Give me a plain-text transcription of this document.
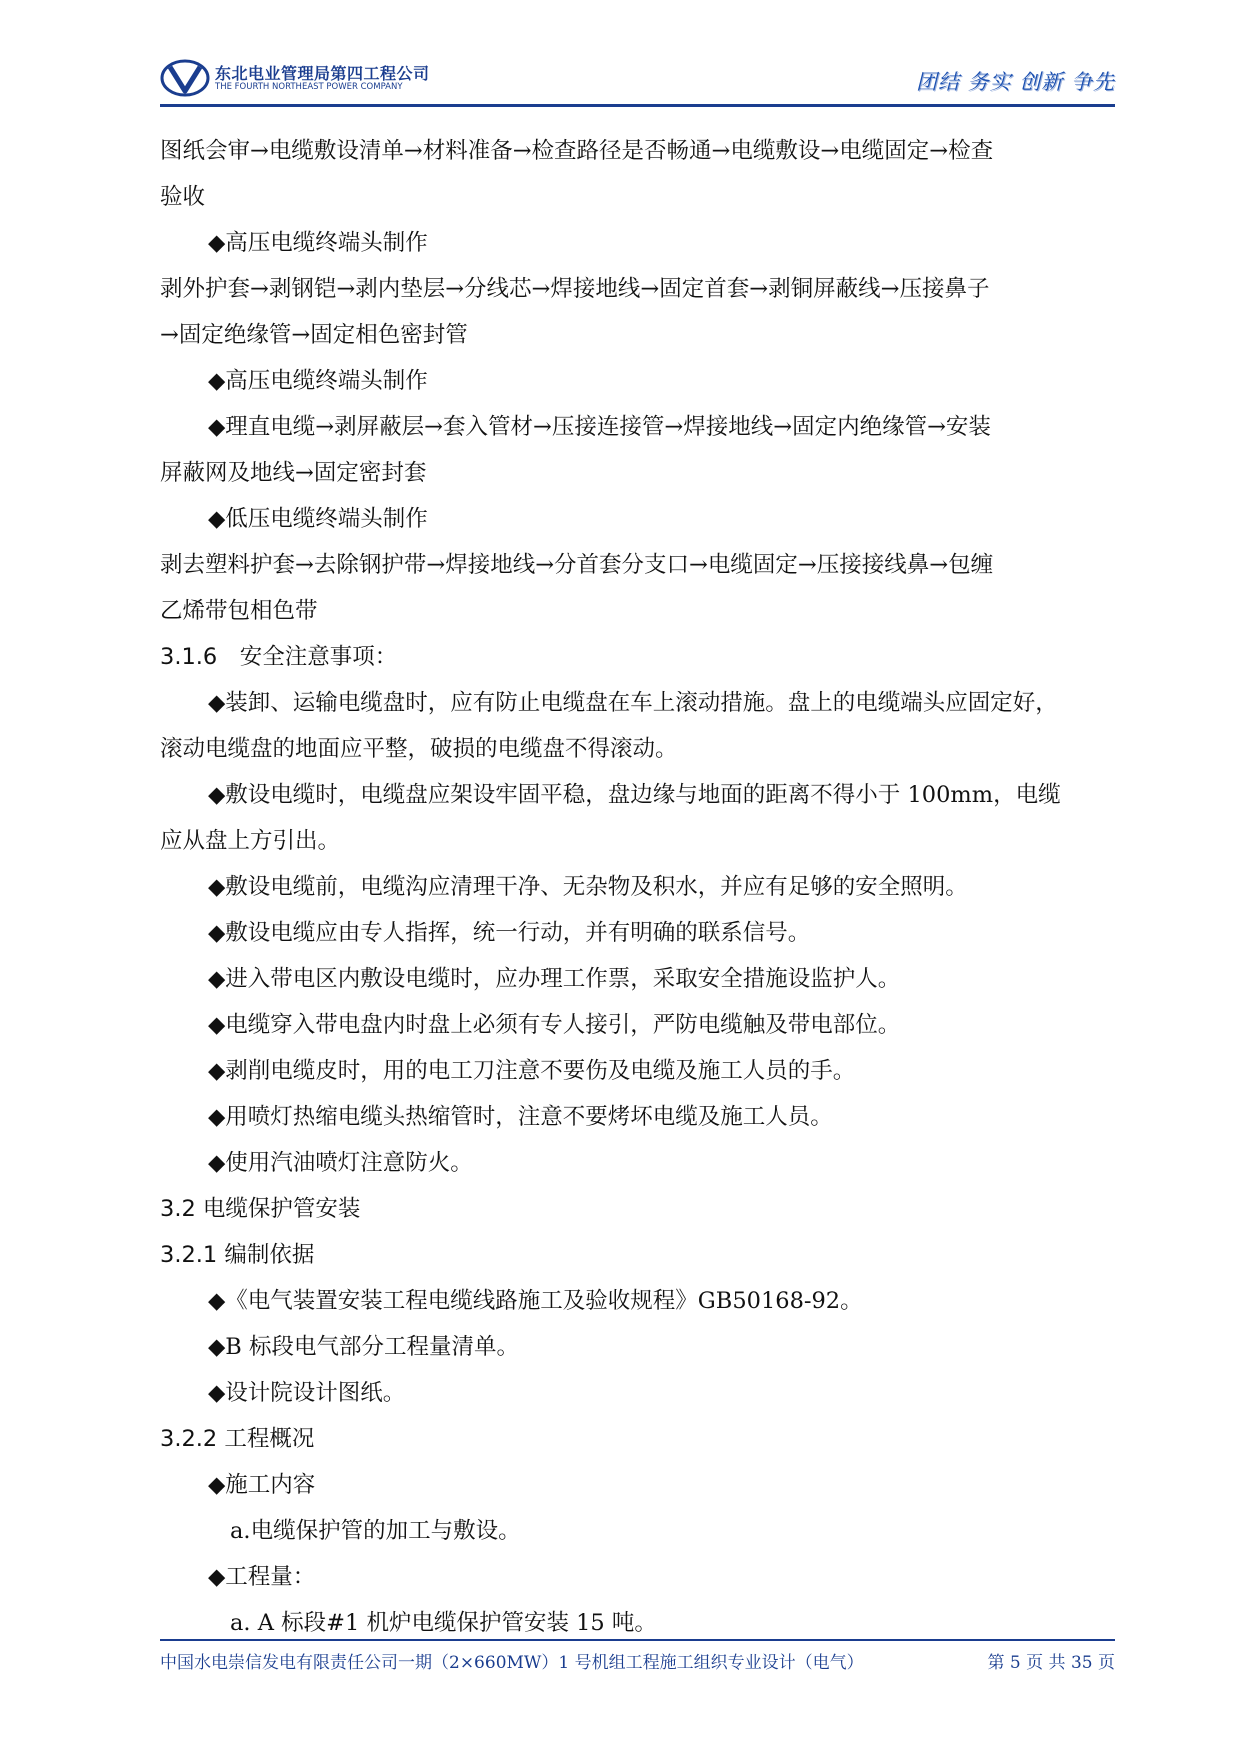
东北电业管理局第四工程公司
THE FOURTH NORTHEAST POWER COMPANY	团结 务实 创新 争先

图纸会审→电缆敷设清单→材料准备→检查路径是否畅通→电缆敷设→电缆固定→检查

验收

◆高压电缆终端头制作

剥外护套→剥钢铠→剥内垫层→分线芯→焊接地线→固定首套→剥铜屏蔽线→压接鼻子

→固定绝缘管→固定相色密封管

◆高压电缆终端头制作

◆理直电缆→剥屏蔽层→套入管材→压接连接管→焊接地线→固定内绝缘管→安装

屏蔽网及地线→固定密封套

◆低压电缆终端头制作

剥去塑料护套→去除钢护带→焊接地线→分首套分支口→电缆固定→压接接线鼻→包缠

乙烯带包相色带

3.1.6　安全注意事项：

◆装卸、运输电缆盘时，应有防止电缆盘在车上滚动措施。盘上的电缆端头应固定好，

滚动电缆盘的地面应平整，破损的电缆盘不得滚动。

◆敷设电缆时，电缆盘应架设牢固平稳，盘边缘与地面的距离不得小于 100mm，电缆

应从盘上方引出。

◆敷设电缆前，电缆沟应清理干净、无杂物及积水，并应有足够的安全照明。

◆敷设电缆应由专人指挥，统一行动，并有明确的联系信号。

◆进入带电区内敷设电缆时，应办理工作票，采取安全措施设监护人。

◆电缆穿入带电盘内时盘上必须有专人接引，严防电缆触及带电部位。

◆剥削电缆皮时，用的电工刀注意不要伤及电缆及施工人员的手。

◆用喷灯热缩电缆头热缩管时，注意不要烤坏电缆及施工人员。

◆使用汽油喷灯注意防火。

3.2 电缆保护管安装

3.2.1 编制依据

◆《电气装置安装工程电缆线路施工及验收规程》GB50168-92。

◆B 标段电气部分工程量清单。

◆设计院设计图纸。

3.2.2 工程概况

◆施工内容

a.电缆保护管的加工与敷设。

◆工程量：

a. A 标段#1 机炉电缆保护管安装 15 吨。

中国水电崇信发电有限责任公司一期（2×660MW）1 号机组工程施工组织专业设计（电气）	第 5 页 共 35 页
